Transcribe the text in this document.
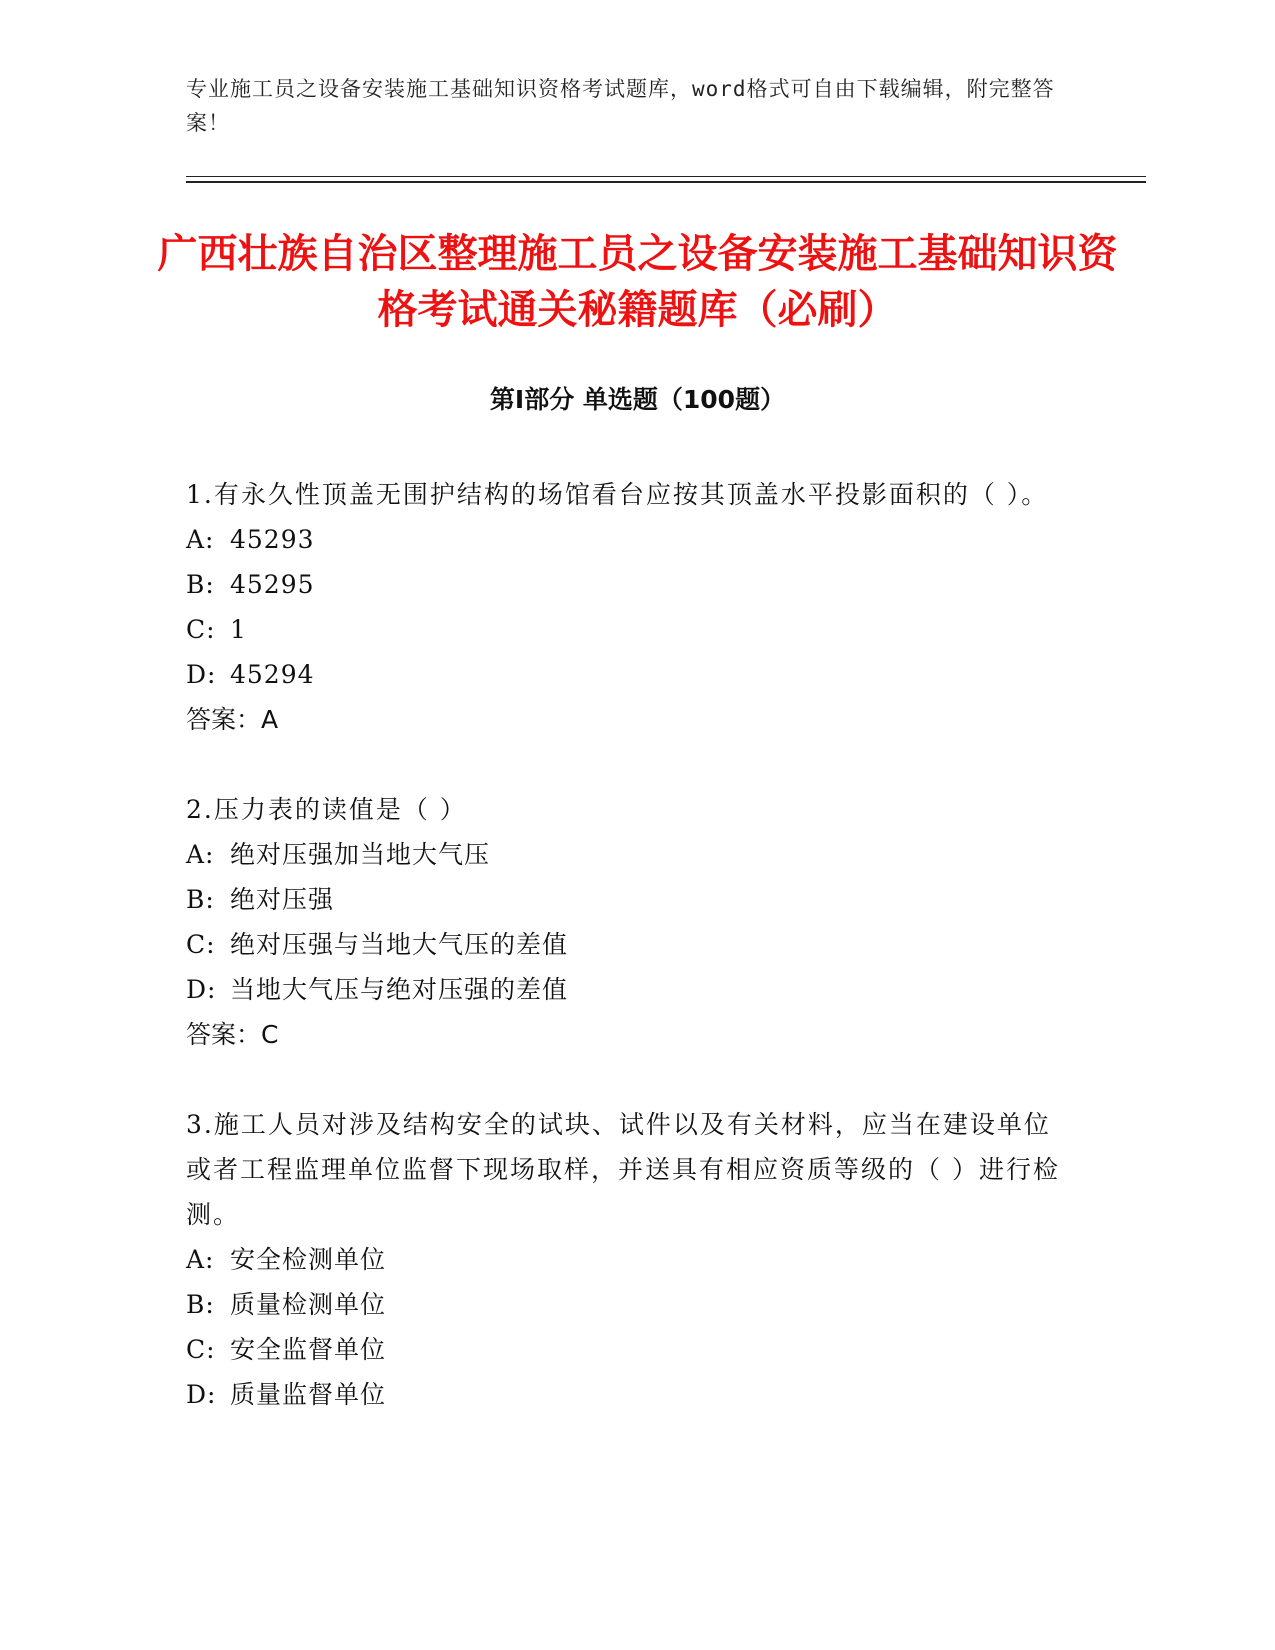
专业施工员之设备安装施工基础知识资格考试题库，word格式可自由下载编辑，附完整答案！
广西壮族自治区整理施工员之设备安装施工基础知识资格考试通关秘籍题库（必刷）
第Ⅰ部分 单选题（100题）
1.有永久性顶盖无围护结构的场馆看台应按其顶盖水平投影面积的（ ）。
A: 45293
B: 45295
C: 1
D: 45294
答案：A
2.压力表的读值是（ ）
A: 绝对压强加当地大气压
B: 绝对压强
C: 绝对压强与当地大气压的差值
D: 当地大气压与绝对压强的差值
答案：C
3.施工人员对涉及结构安全的试块、试件以及有关材料，应当在建设单位或者工程监理单位监督下现场取样，并送具有相应资质等级的（ ）进行检测。
A: 安全检测单位
B: 质量检测单位
C: 安全监督单位
D: 质量监督单位
